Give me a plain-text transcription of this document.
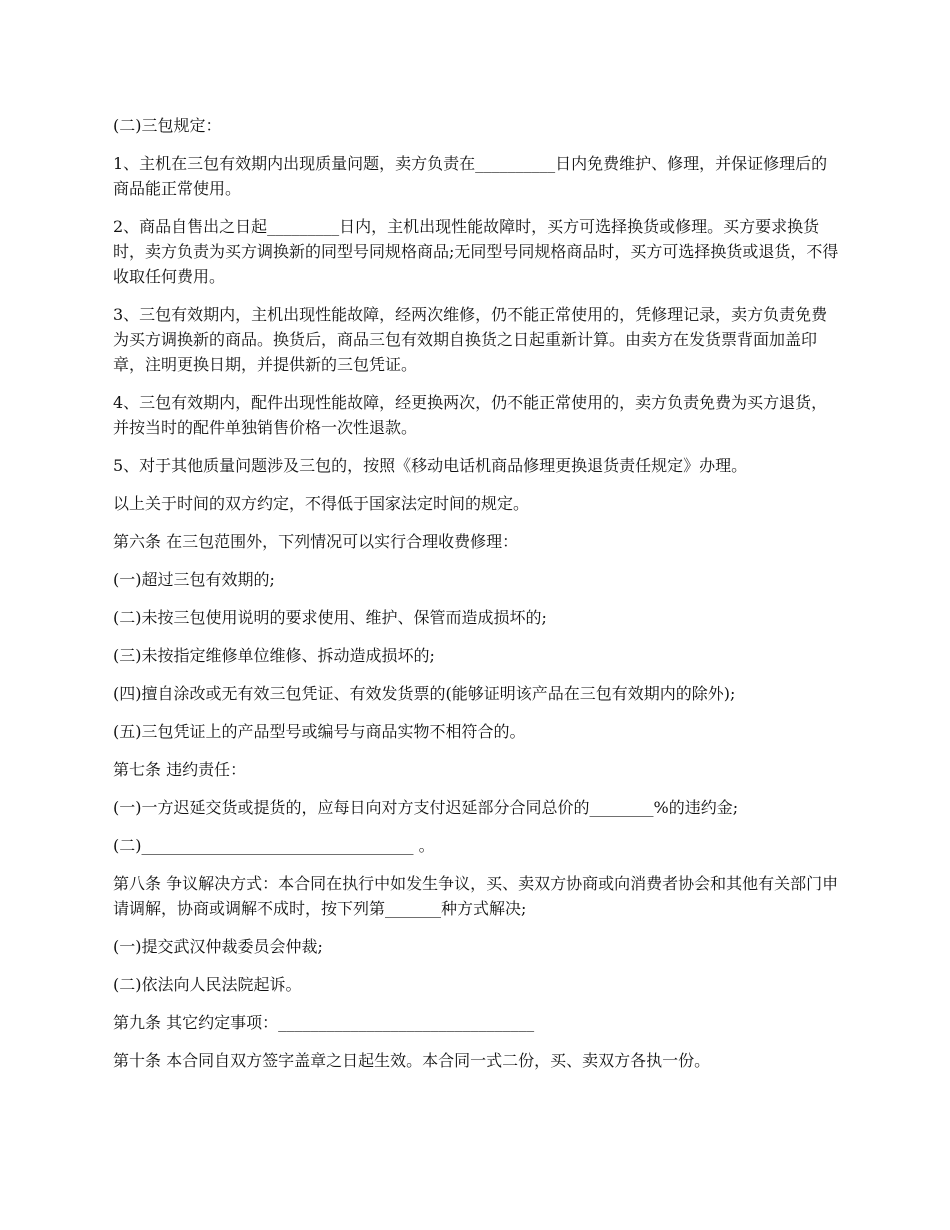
(二)三包规定：

1、主机在三包有效期内出现质量问题，卖方负责在__________日内免费维护、修理，并保证修理后的商品能正常使用。

2、商品自售出之日起_________日内，主机出现性能故障时，买方可选择换货或修理。买方要求换货时，卖方负责为买方调换新的同型号同规格商品;无同型号同规格商品时，买方可选择换货或退货，不得收取任何费用。

3、三包有效期内，主机出现性能故障，经两次维修，仍不能正常使用的，凭修理记录，卖方负责免费为买方调换新的商品。换货后，商品三包有效期自换货之日起重新计算。由卖方在发货票背面加盖印章，注明更换日期，并提供新的三包凭证。

4、三包有效期内，配件出现性能故障，经更换两次，仍不能正常使用的，卖方负责免费为买方退货，并按当时的配件单独销售价格一次性退款。

5、对于其他质量问题涉及三包的，按照《移动电话机商品修理更换退货责任规定》办理。

以上关于时间的双方约定，不得低于国家法定时间的规定。

第六条 在三包范围外，下列情况可以实行合理收费修理：

(一)超过三包有效期的;

(二)未按三包使用说明的要求使用、维护、保管而造成损坏的;

(三)未按指定维修单位维修、拆动造成损坏的;

(四)擅自涂改或无有效三包凭证、有效发货票的(能够证明该产品在三包有效期内的除外);

(五)三包凭证上的产品型号或编号与商品实物不相符合的。

第七条 违约责任：

(一)一方迟延交货或提货的，应每日向对方支付迟延部分合同总价的________%的违约金;

(二)__________________________________ 。

第八条 争议解决方式：本合同在执行中如发生争议，买、卖双方协商或向消费者协会和其他有关部门申请调解，协商或调解不成时，按下列第_______种方式解决;

(一)提交武汉仲裁委员会仲裁;

(二)依法向人民法院起诉。

第九条 其它约定事项：________________________________

第十条 本合同自双方签字盖章之日起生效。本合同一式二份，买、卖双方各执一份。
